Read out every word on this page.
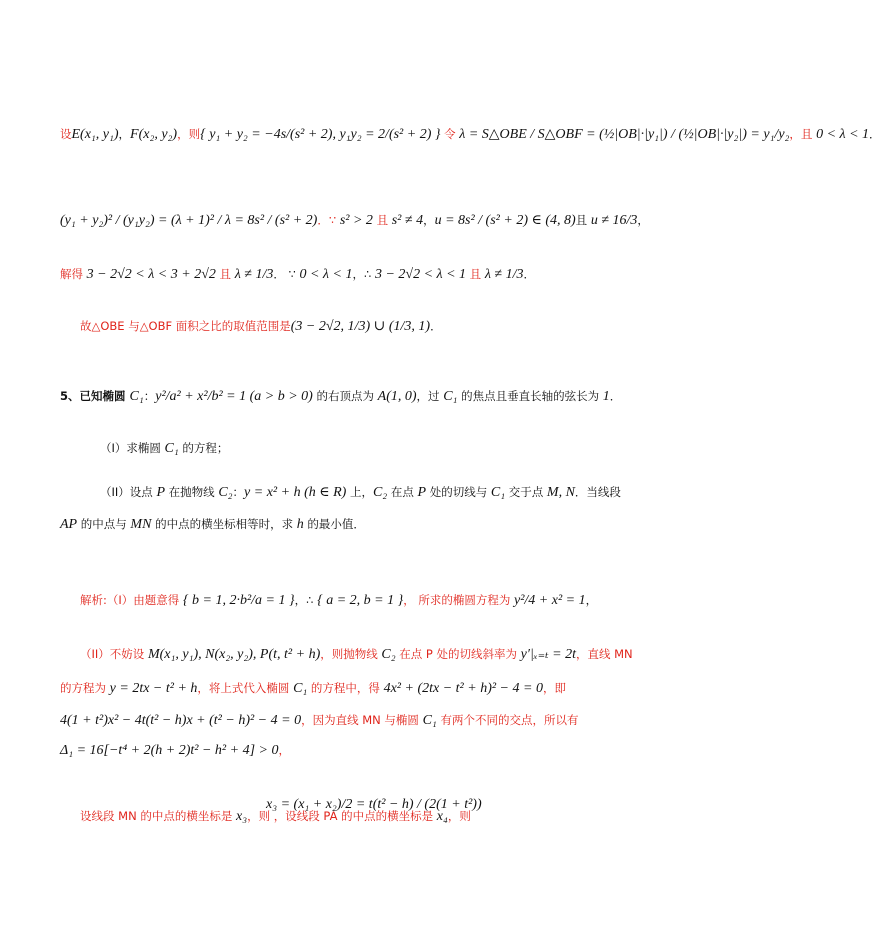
设E(x₁, y₁)，F(x₂, y₂)，则{ y₁ + y₂ = −4s/(s² + 2), y₁y₂ = 2/(s² + 2) } 令 λ = S△OBE / S△OBF = (½|OB|·|y₁|) / (½|OB|·|y₂|) = y₁/y₂，且 0 < λ < 1．
(y₁ + y₂)² / (y₁y₂) = (λ + 1)² / λ = 8s² / (s² + 2)．∵ s² > 2 且 s² ≠ 4，u = 8s² / (s² + 2) ∈ (4, 8)且 u ≠ 16/3，
解得 3 − 2√2 < λ < 3 + 2√2 且 λ ≠ 1/3． ∵ 0 < λ < 1，∴ 3 − 2√2 < λ < 1 且 λ ≠ 1/3．
故△OBE 与△OBF 面积之比的取值范围是(3 − 2√2, 1/3) ∪ (1/3, 1)．
5、已知椭圆 C₁：y²/a² + x²/b² = 1 (a > b > 0) 的右顶点为 A(1, 0)，过 C₁ 的焦点且垂直长轴的弦长为 1．
（I）求椭圆 C₁ 的方程；
（II）设点 P 在抛物线 C₂：y = x² + h (h ∈ R) 上，C₂ 在点 P 处的切线与 C₁ 交于点 M, N．当线段
AP 的中点与 MN 的中点的横坐标相等时，求 h 的最小值．
解析:（I）由题意得 { b = 1, 2·b²/a = 1 }，∴ { a = 2, b = 1 }， 所求的椭圆方程为 y²/4 + x² = 1，
（II）不妨设 M(x₁, y₁), N(x₂, y₂), P(t, t² + h)，则抛物线 C₂ 在点 P 处的切线斜率为 y′|ₓ₌ₜ = 2t，直线 MN
的方程为 y = 2tx − t² + h，将上式代入椭圆 C₁ 的方程中，得 4x² + (2tx − t² + h)² − 4 = 0，即
4(1 + t²)x² − 4t(t² − h)x + (t² − h)² − 4 = 0，因为直线 MN 与椭圆 C₁ 有两个不同的交点，所以有
Δ₁ = 16[−t⁴ + 2(h + 2)t² − h² + 4] > 0，
x₃ = (x₁ + x₂)/2 = t(t² − h) / (2(1 + t²))
设线段 MN 的中点的横坐标是 x₃，则 ，设线段 PA 的中点的横坐标是 x₄，则
